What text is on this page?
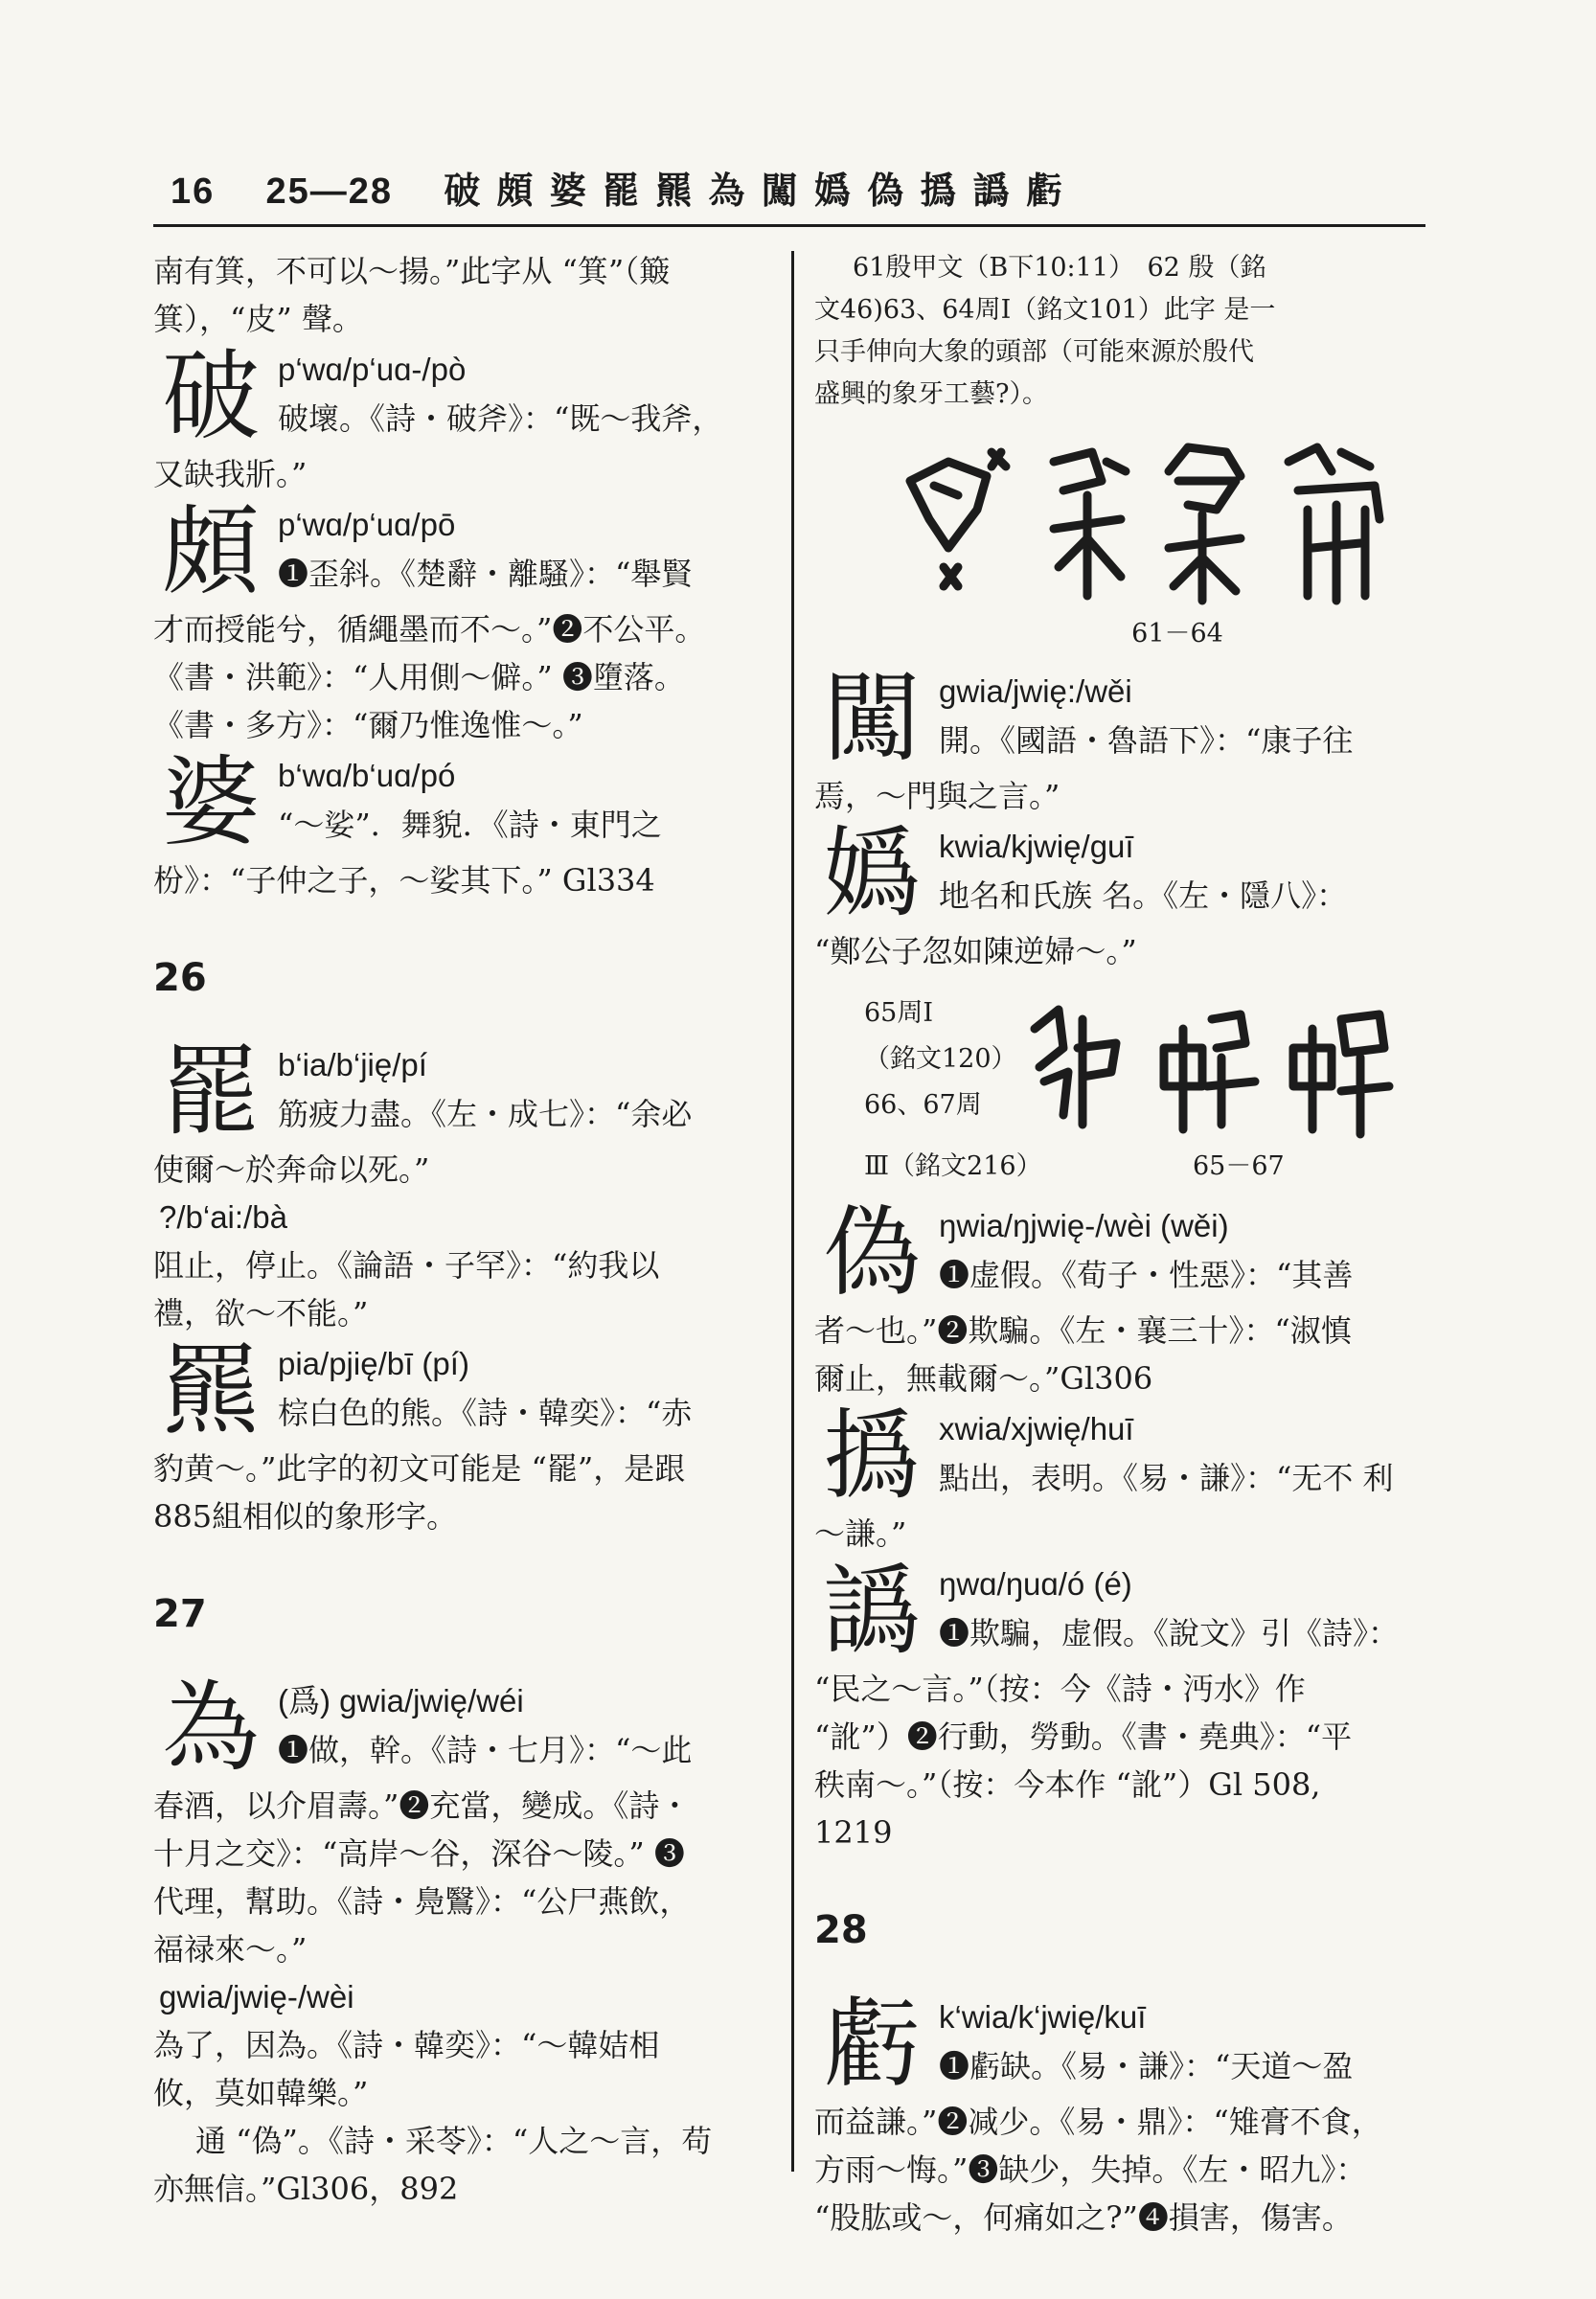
16 25—28 破 頗 婆 罷 羆 為 闖 嬀 偽 撝 譌 虧

南有箕，不可以～揚。”此字从 “箕”（簸

箕），“皮” 聲。

破 p‘wɑ/p‘uɑ-/pò

破壞。《詩・破斧》：“既～我斧，

又缺我斨。”

頗 p‘wɑ/p‘uɑ/pō

❶歪斜。《楚辭・離騷》：“舉賢

才而授能兮，循繩墨而不～。”❷不公平。

《書・洪範》：“人用側～僻。” ❸墮落。

《書・多方》：“爾乃惟逸惟～。”

婆 b‘wɑ/b‘uɑ/pó

“～娑”．舞貌．《詩・東門之

枌》：“子仲之子，～娑其下。” Gl334

26
罷 b‘ia/b‘jię/pí

筋疲力盡。《左・成七》：“余必

使爾～於奔命以死。”

?/b‘ai:/bà

阻止，停止。《論語・子罕》：“約我以

禮，欲～不能。”

羆 pia/pjię/bī (pí)

棕白色的熊。《詩・韓奕》：“赤

豹黄～。”此字的初文可能是 “罷”，是跟

885組相似的象形字。

27
為 (爲) gwia/jwię/wéi

❶做，幹。《詩・七月》：“～此

春酒，以介眉壽。”❷充當，變成。《詩・

十月之交》：“高岸～谷，深谷～陵。” ❸

代理，幫助。《詩・鳧鷖》：“公尸燕飲，

福禄來～。”

gwia/jwię-/wèi

為了，因為。《詩・韓奕》：“～韓姞相

攸，莫如韓樂。”

通 “偽”。《詩・采苓》：“人之～言，苟

亦無信。”Gl306，892

61殷甲文（B下10:11）　62 殷（銘

文46)63、64周Ⅰ（銘文101）此字 是一

只手伸向大象的頭部（可能來源於殷代

盛興的象牙工藝?）。

61－64
闖 gwia/jwię:/wěi

開。《國語・魯語下》：“康子往

焉，～門與之言。”

嬀 kwia/kjwię/guī

地名和氏族 名。《左・隱八》：

“鄭公子忽如陳逆婦～。”

65周Ⅰ
（銘文120）
66、67周
Ⅲ（銘文216）	65－67
偽 ŋwia/ŋjwię-/wèi (wěi)

❶虚假。《荀子・性惡》：“其善

者～也。”❷欺騙。《左・襄三十》：“淑慎

爾止，無載爾～。”Gl306

撝 xwia/xjwię/huī

點出，表明。《易・謙》：“无不 利

～謙。”

譌 ŋwɑ/ŋuɑ/ó (é)

❶欺騙，虚假。《說文》引《詩》：

“民之～言。”（按：今《詩・沔水》作

“訛”）❷行動，勞動。《書・堯典》：“平

秩南～。”（按：今本作 “訛”）Gl 508,

1219

28
虧 k‘wia/k‘jwię/kuī

❶虧缺。《易・謙》：“天道～盈

而益謙。”❷减少。《易・鼎》：“雉膏不食，

方雨～悔。”❸缺少，失掉。《左・昭九》：

“股肱或～，何痛如之?”❹損害，傷害。
